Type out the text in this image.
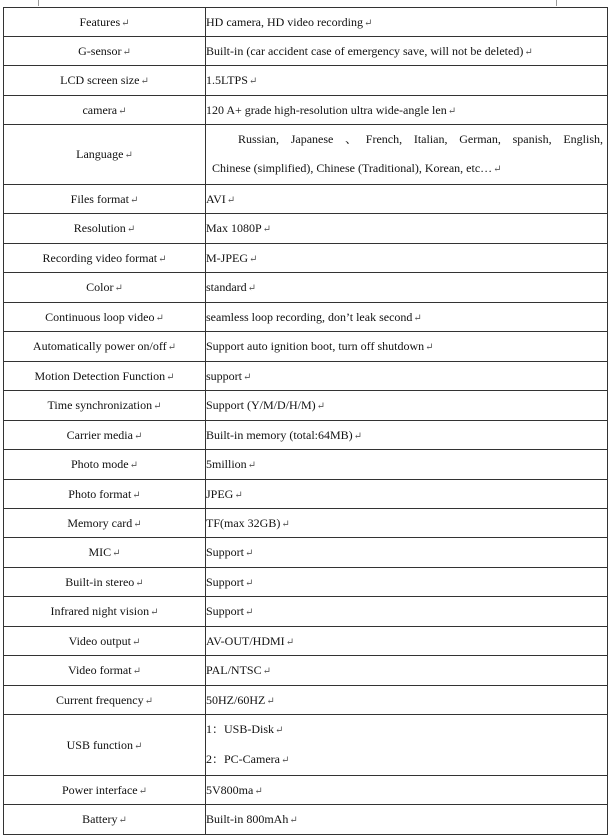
Features↵	HD camera, HD video recording↵
G-sensor↵	Built-in (car accident case of emergency save, will not be deleted)↵
LCD screen size↵	1.5LTPS↵
camera↵	120 A+ grade high-resolution ultra wide-angle len↵
Language↵	Russian, Japanese 、French, Italian, German, spanish, English,
Chinese (simplified), Chinese (Traditional), Korean, etc…↵

Files format↵	AVI↵
Resolution↵	Max 1080P↵
Recording video format↵	M-JPEG↵
Color↵	standard↵
Continuous loop video↵	seamless loop recording, don’t leak second↵
Automatically power on/off↵	Support auto ignition boot, turn off shutdown↵
Motion Detection Function↵	support↵
Time synchronization↵	Support (Y/M/D/H/M)↵
Carrier media↵	Built-in memory (total:64MB)↵
Photo mode↵	5million↵
Photo format↵	JPEG↵
Memory card↵	TF(max 32GB)↵
MIC↵	Support↵
Built-in stereo↵	Support↵
Infrared night vision↵	Support↵
Video output↵	AV-OUT/HDMI↵
Video format↵	PAL/NTSC↵
Current frequency↵	50HZ/60HZ↵
USB function↵	1：USB-Disk↵
2：PC-Camera↵

Power interface↵	5V800ma↵
Battery↵	Built-in 800mAh↵
